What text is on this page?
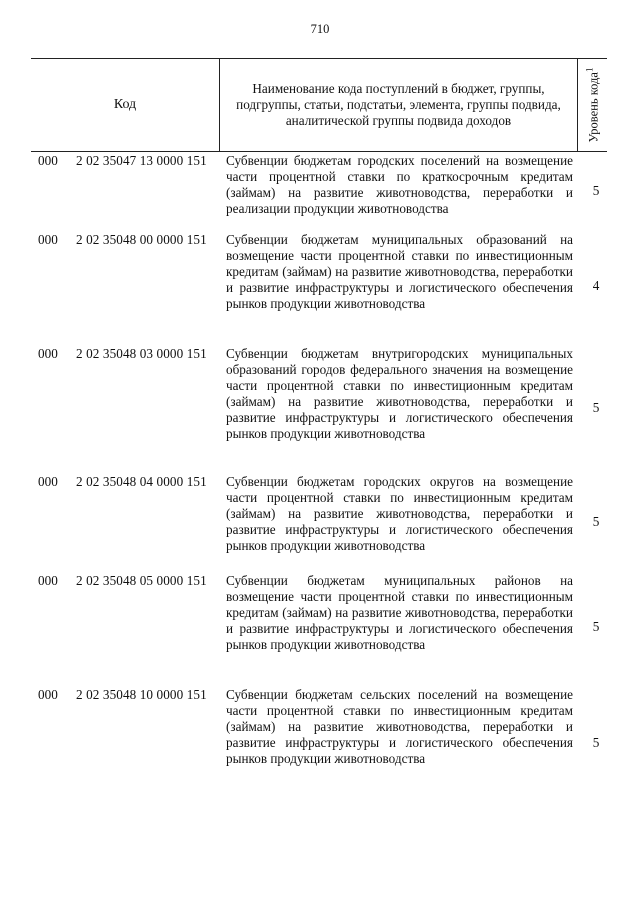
710
Код
Наименование кода поступлений в бюджет, группы, подгруппы, статьи, подстатьи, элемента, группы подвида, аналитической группы подвида доходов	Уровень кода$^1$
000 2 02 35047 13 0000 151 Субвенции бюджетам городских поселений на возмещение части процентной ставки по краткосрочным кредитам (займам) на развитие животноводства, переработки и реализации продукции животноводства
5
000 2 02 35048 00 0000 151 Субвенции бюджетам муниципальных образований на возмещение части процентной ставки по инвестиционным кредитам (займам) на развитие животноводства, переработки и развитие инфраструктуры и логистического обеспечения рынков продукции животноводства
4
000 2 02 35048 03 0000 151 Субвенции бюджетам внутригородских муниципальных образований городов федерального значения на возмещение части процентной ставки по инвестиционным кредитам (займам) на развитие животноводства, переработки и развитие инфраструктуры и логистического обеспечения рынков продукции животноводства
5
000 2 02 35048 04 0000 151 Субвенции бюджетам городских округов на возмещение части процентной ставки по инвестиционным кредитам (займам) на развитие животноводства, переработки и развитие инфраструктуры и логистического обеспечения рынков продукции животноводства
5
000 2 02 35048 05 0000 151 Субвенции бюджетам муниципальных районов на возмещение части процентной ставки по инвестиционным кредитам (займам) на развитие животноводства, переработки и развитие инфраструктуры и логистического обеспечения рынков продукции животноводства
5
000 2 02 35048 10 0000 151 Субвенции бюджетам сельских поселений на возмещение части процентной ставки по инвестиционным кредитам (займам) на развитие животноводства, переработки и развитие инфраструктуры и логистического обеспечения рынков продукции животноводства
5
